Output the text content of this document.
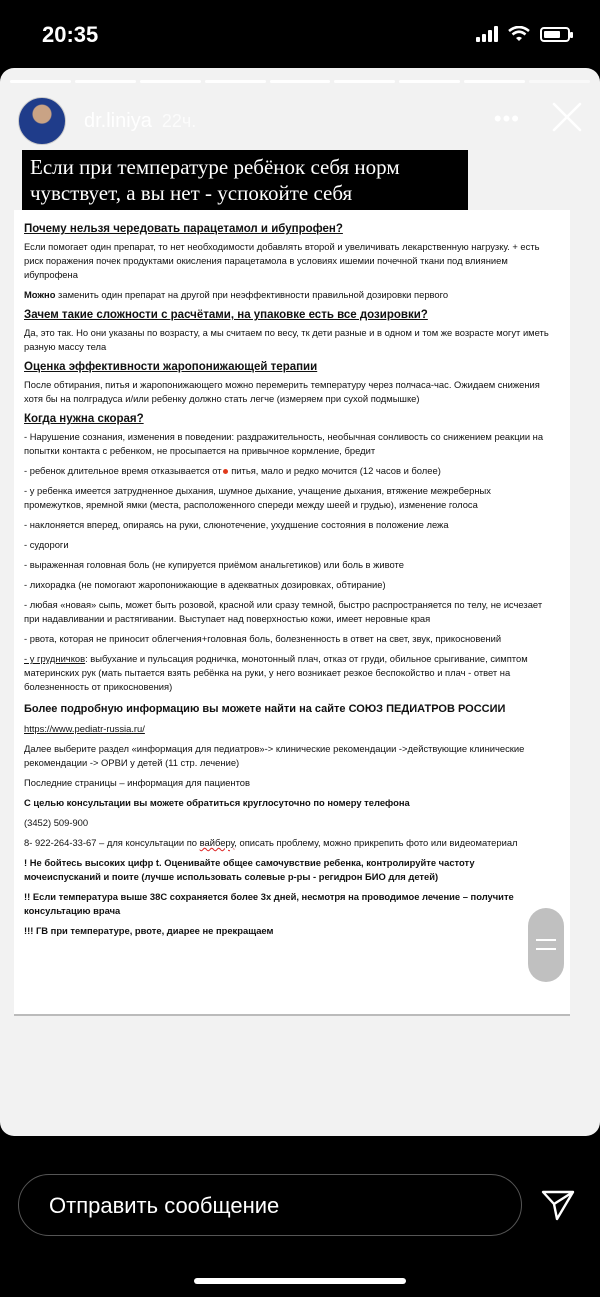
20:35
dr.liniya 22ч.	•••
Если при температуре ребёнок себя норм чувствует, а вы нет - успокойте себя

Почему нельзя чередовать парацетамол и ибупрофен?

Если помогает один препарат, то нет необходимости добавлять второй и увеличивать лекарственную нагрузку. + есть риск поражения почек продуктами окисления парацетамола в условиях ишемии почечной ткани под влиянием ибупрофена

Можно заменить один препарат на другой при неэффективности правильной дозировки первого

Зачем такие сложности с расчётами, на упаковке есть все дозировки?

Да, это так. Но они указаны по возрасту, а мы считаем по весу, тк дети разные и в одном и том же возрасте могут иметь разную массу тела

Оценка эффективности жаропонижающей терапии

После обтирания, питья и жаропонижающего можно перемерить температуру через полчаса-час. Ожидаем снижения хотя бы на полградуса и/или ребенку должно стать легче (измеряем при сухой подмышке)

Когда нужна скорая?

- Нарушение сознания, изменения в поведении: раздражительность, необычная сонливость со снижением реакции на попытки контакта с ребенком, не просыпается на привычное кормление, бредит

- ребенок длительное время отказывается от питья, мало и редко мочится (12 часов и более)

- у ребенка имеется затрудненное дыхания, шумное дыхание, учащение дыхания, втяжение межреберных промежутков, яремной ямки (места, расположенного спереди между шеей и грудью), изменение голоса

- наклоняется вперед, опираясь на руки, слюнотечение, ухудшение состояния в положение лежа

- судороги

- выраженная головная боль (не купируется приёмом анальгетиков) или боль в животе

- лихорадка (не помогают жаропонижающие в адекватных дозировках, обтирание)

- любая «новая» сыпь, может быть розовой, красной или сразу темной, быстро распространяется по телу, не исчезает при надавливании и растягивании. Выступает над поверхностью кожи, имеет неровные края

- рвота, которая не приносит облегчения+головная боль, болезненность в ответ на свет, звук, прикосновений

- у грудничков: выбухание и пульсация родничка, монотонный плач, отказ от груди, обильное срыгивание, симптом материнских рук (мать пытается взять ребёнка на руки, у него возникает резкое беспокойство и плач - ответ на болезненность от прикосновения)

Более подробную информацию вы можете найти на сайте СОЮЗ ПЕДИАТРОВ РОССИИ

https://www.pediatr-russia.ru/

Далее выберите раздел «информация для педиатров»-> клинические рекомендации ->действующие клинические рекомендации -> ОРВИ у детей (11 стр. лечение)

Последние страницы – информация для пациентов

С целью консультации вы можете обратиться круглосуточно по номеру телефона

(3452) 509-900

8- 922-264-33-67 – для консультации по вайберу, описать проблему, можно прикрепить фото или видеоматериал

! Не бойтесь высоких цифр t. Оценивайте общее самочувствие ребенка, контролируйте частоту мочеиспусканий и поите (лучше использовать солевые р-ры - регидрон БИО для детей)

!! Если температура выше 38С сохраняется более 3х дней, несмотря на проводимое лечение – получите консультацию врача

!!! ГВ при температуре, рвоте, диарее не прекращаем

Отправить сообщение
